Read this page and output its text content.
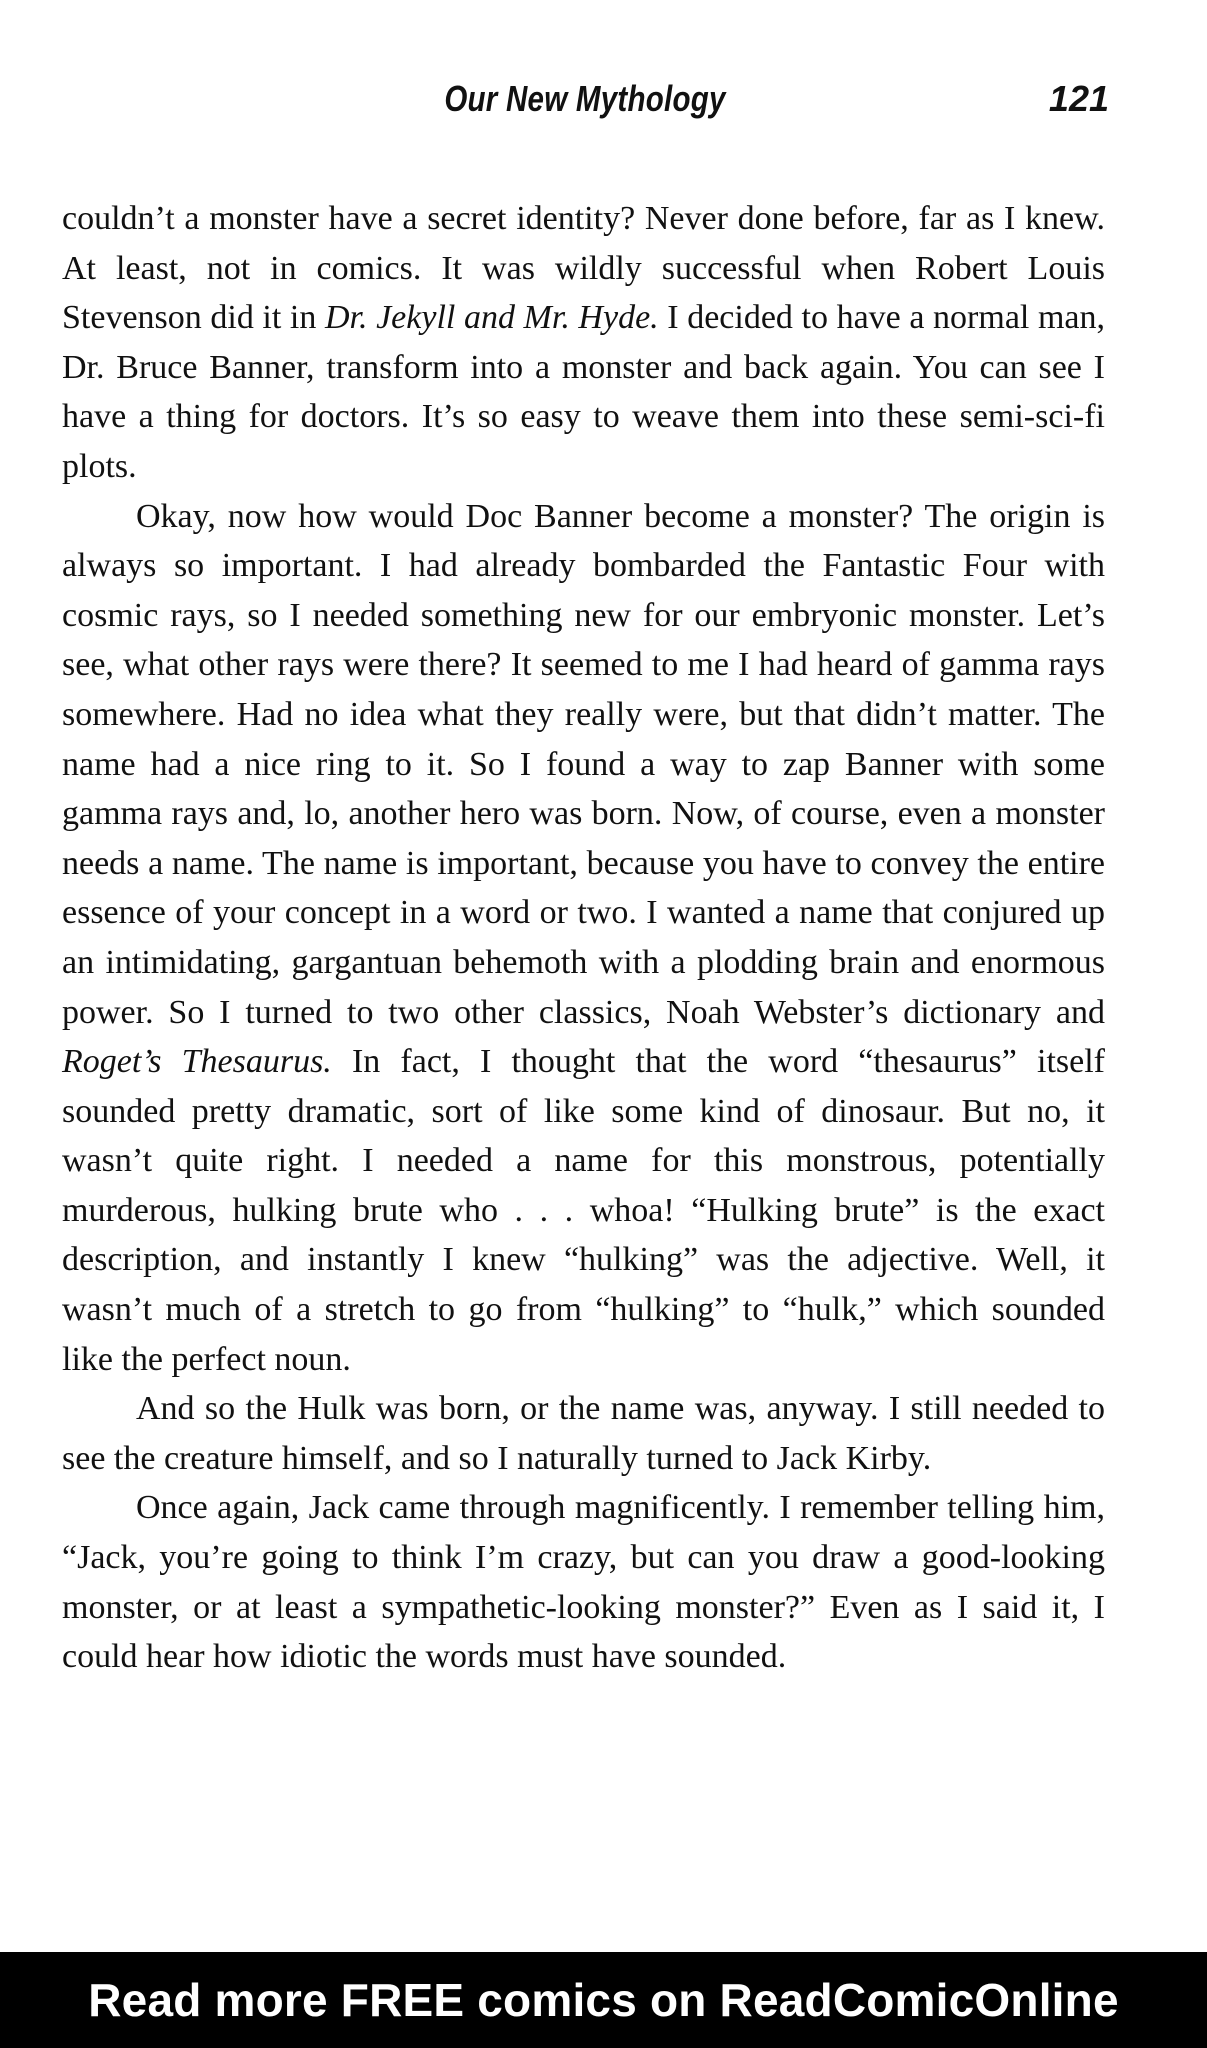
Our New Mythology	121

couldn’t a monster have a secret identity? Never done before, far as I knew. At least, not in comics. It was wildly successful when Robert Louis Stevenson did it in Dr. Jekyll and Mr. Hyde. I decided to have a normal man, Dr. Bruce Banner, transform into a monster and back again. You can see I have a thing for doctors. It’s so easy to weave them into these semi-sci-fi plots.

Okay, now how would Doc Banner become a monster? The origin is always so important. I had already bombarded the Fantastic Four with cosmic rays, so I needed something new for our embryonic monster. Let’s see, what other rays were there? It seemed to me I had heard of gamma rays somewhere. Had no idea what they really were, but that didn’t matter. The name had a nice ring to it. So I found a way to zap Banner with some gamma rays and, lo, another hero was born. Now, of course, even a monster needs a name. The name is important, because you have to convey the entire essence of your concept in a word or two. I wanted a name that conjured up an intimidating, gargantuan behemoth with a plodding brain and enormous power. So I turned to two other classics, Noah Webster’s dictionary and Roget’s Thesaurus. In fact, I thought that the word “thesaurus” itself sounded pretty dramatic, sort of like some kind of dinosaur. But no, it wasn’t quite right. I needed a name for this monstrous, potentially murderous, hulking brute who . . . whoa! “Hulking brute” is the exact description, and instantly I knew “hulking” was the adjective. Well, it wasn’t much of a stretch to go from “hulking” to “hulk,” which sounded like the perfect noun.

And so the Hulk was born, or the name was, anyway. I still needed to see the creature himself, and so I naturally turned to Jack Kirby.

Once again, Jack came through magnificently. I remember telling him, “Jack, you’re going to think I’m crazy, but can you draw a good-looking monster, or at least a sympathetic-looking monster?” Even as I said it, I could hear how idiotic the words must have sounded.

Read more FREE comics on ReadComicOnline
